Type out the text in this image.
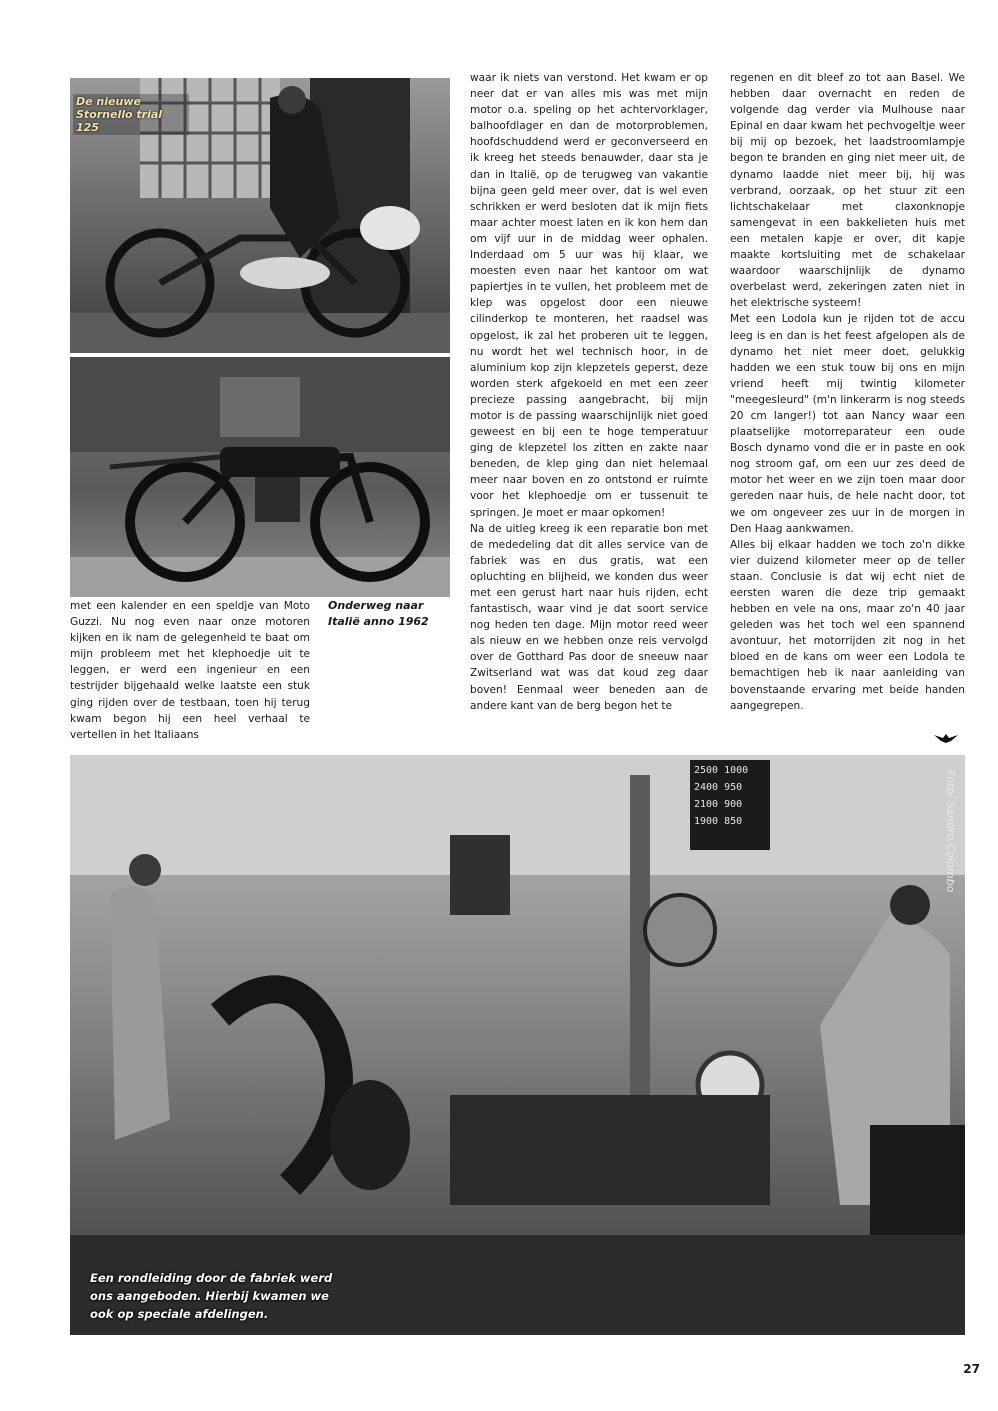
De nieuwe Stornello trial 125
Onderweg naar
Italië anno 1962
met een kalender en een speldje van Moto Guzzi. Nu nog even naar onze motoren kijken en ik nam de gelegenheid te baat om mijn probleem met het klephoedje uit te leggen, er werd een ingenieur en een testrijder bijgehaald welke laatste een stuk ging rijden over de testbaan, toen hij terug kwam begon hij een heel verhaal te vertellen in het Italiaans
waar ik niets van verstond. Het kwam er op neer dat er van alles mis was met mijn motor o.a. speling op het achtervorklager, balhoofdlager en dan de motorproblemen, hoofdschuddend werd er geconverseerd en ik kreeg het steeds benauwder, daar sta je dan in Italië, op de terugweg van vakantie bijna geen geld meer over, dat is wel even schrikken er werd besloten dat ik mijn fiets maar achter moest laten en ik kon hem dan om vijf uur in de middag weer ophalen. Inderdaad om 5 uur was hij klaar, we moesten even naar het kantoor om wat papiertjes in te vullen, het probleem met de klep was opgelost door een nieuwe cilinderkop te monteren, het raadsel was opgelost, ik zal het proberen uit te leggen, nu wordt het wel technisch hoor, in de aluminium kop zijn klepzetels geperst, deze worden sterk afgekoeld en met een zeer precieze passing aangebracht, bij mijn motor is de passing waarschijnlijk niet goed geweest en bij een te hoge temperatuur ging de klepzetel los zitten en zakte naar beneden, de klep ging dan niet helemaal meer naar boven en zo ontstond er ruimte voor het klephoedje om er tussenuit te springen. Je moet er maar opkomen!
Na de uitleg kreeg ik een reparatie bon met de mededeling dat dit alles service van de fabriek was en dus gratis, wat een opluchting en blijheid, we konden dus weer met een gerust hart naar huis rijden, echt fantastisch, waar vind je dat soort service nog heden ten dage. Mijn motor reed weer als nieuw en we hebben onze reis vervolgd over de Gotthard Pas door de sneeuw naar Zwitserland wat was dat koud zeg daar boven! Eenmaal weer beneden aan de andere kant van de berg begon het te
regenen en dit bleef zo tot aan Basel. We hebben daar overnacht en reden de volgende dag verder via Mulhouse naar Epinal en daar kwam het pechvogeltje weer bij mij op bezoek, het laadstroomlampje begon te branden en ging niet meer uit, de dynamo laadde niet meer bij, hij was verbrand, oorzaak, op het stuur zit een lichtschakelaar met claxonknopje samengevat in een bakkelieten huis met een metalen kapje er over, dit kapje maakte kortsluiting met de schakelaar waardoor waarschijnlijk de dynamo overbelast werd, zekeringen zaten niet in het elektrische systeem!
Met een Lodola kun je rijden tot de accu leeg is en dan is het feest afgelopen als de dynamo het niet meer doet, gelukkig hadden we een stuk touw bij ons en mijn vriend heeft mij twintig kilometer "meegesleurd" (m'n linkerarm is nog steeds 20 cm langer!) tot aan Nancy waar een plaatselijke motorreparateur een oude Bosch dynamo vond die er in paste en ook nog stroom gaf, om een uur zes deed de motor het weer en we zijn toen maar door gereden naar huis, de hele nacht door, tot we om ongeveer zes uur in de morgen in Den Haag aankwamen.
Alles bij elkaar hadden we toch zo'n dikke vier duizend kilometer meer op de teller staan. Conclusie is dat wij echt niet de eersten waren die deze trip gemaakt hebben en vele na ons, maar zo'n 40 jaar geleden was het toch wel een spannend avontuur, het motorrijden zit nog in het bloed en de kans om weer een Lodola te bemachtigen heb ik naar aanleiding van bovenstaande ervaring met beide handen aangegrepen.
2500 1000
2400 950
2100 900
1900 850	Foto: Sandro Colombo
Een rondleiding door de fabriek werd ons aangeboden. Hierbij kwamen we ook op speciale afdelingen.
27
